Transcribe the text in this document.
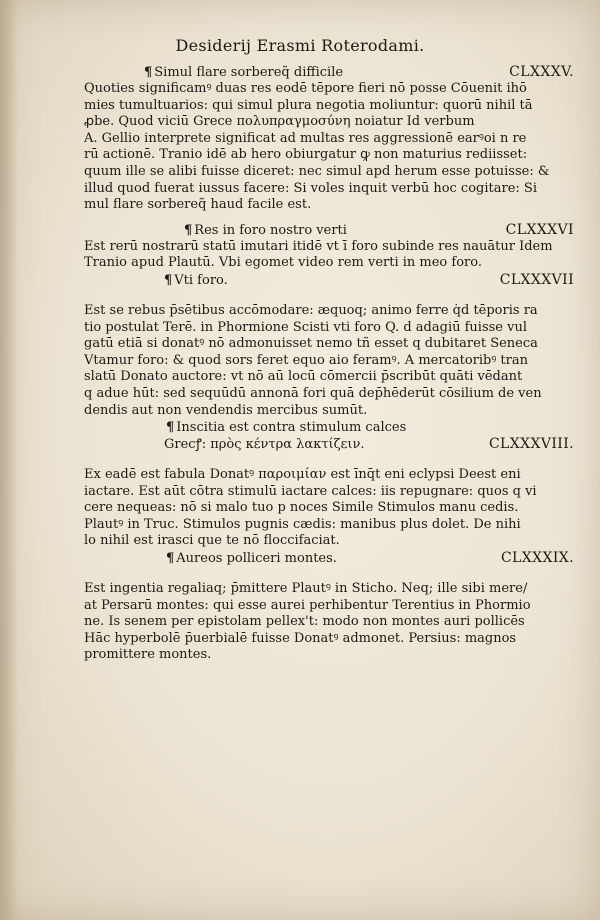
Desiderij Erasmi Roterodami.
¶ Simul flare sorbereq̃ difficile	CLXXXV.
Quoties significamꝰ duas res eodē tēpore fieri nō posse Cōuenit ihō
mies tumultuarios: qui simul plura negotia moliuntur: quorū nihil tā
ꝓbe. Quod viciū Grece πολυπραγμοσύνη noiatur Id verbum
A. Gellio interprete significat ad multas res aggressionē earꝰoi n re
rū actionē. Tranio idē ab hero obiurgatur ꝙ non maturius rediisset:
quum ille se alibi fuisse diceret: nec simul apd herum esse potuisse: &
illud quod fuerat iussus facere: Si voles inquit verbū hoc cogitare: Si
mul flare sorbereq̃ haud facile est.
¶ Res in foro nostro verti	CLXXXVI
Est rerū nostrarū statū imutari itidē vt ī foro subinde res nauātur Idem
Tranio apud Plautū. Vbi egomet video rem verti in meo foro.
¶ Vti foro.	CLXXXVII
Est se rebus p̄sētibus accōmodare: æquoq; animo ferre q̇d tēporis ra
tio postulat Terē. in Phormione Scisti vti foro Q. d adagiū fuisse vul
gatū etiā si donatꝰ nō admonuisset nemo tñ esset q dubitaret Seneca
Vtamur foro: & quod sors feret equo aio feramꝰ. A mercatoribꝰ tran
slatū Donato auctore: vt nō aū locū cōmercii p̄scribūt quāti vēdant
q adue hūt: sed sequūdū annonā fori quā dep̄hēderūt cōsilium de ven
dendis aut non vendendis mercibus sumūt.
¶ Inscitia est contra stimulum calces
Grecꝭ: πρὸς κέντρα λακτίζειν.	CLXXXVIII.
Ex eadē est fabula Donatꝰ παροιμίαν est īnq̄t eni eclypsi Deest eni
iactare. Est aūt cōtra stimulū iactare calces: iis repugnare: quos q vi
cere nequeas: nō si malo tuo p noces Simile Stimulos manu cedis.
Plautꝰ in Truc. Stimulos pugnis cædis: manibus plus dolet. De nihi
lo nihil est irasci que te nō floccifaciat.
¶ Aureos polliceri montes.	CLXXXIX.
Est ingentia regaliaq; p̄mittere Plautꝰ in Sticho. Neq; ille sibi mere/
at Persarū montes: qui esse aurei perhibentur Terentius in Phormio
ne. Is senem per epistolam pellex't: modo non montes auri pollicēs
Hāc hyperbolē p̄uerbialē fuisse Donatꝰ admonet. Persius: magnos
promittere montes.
